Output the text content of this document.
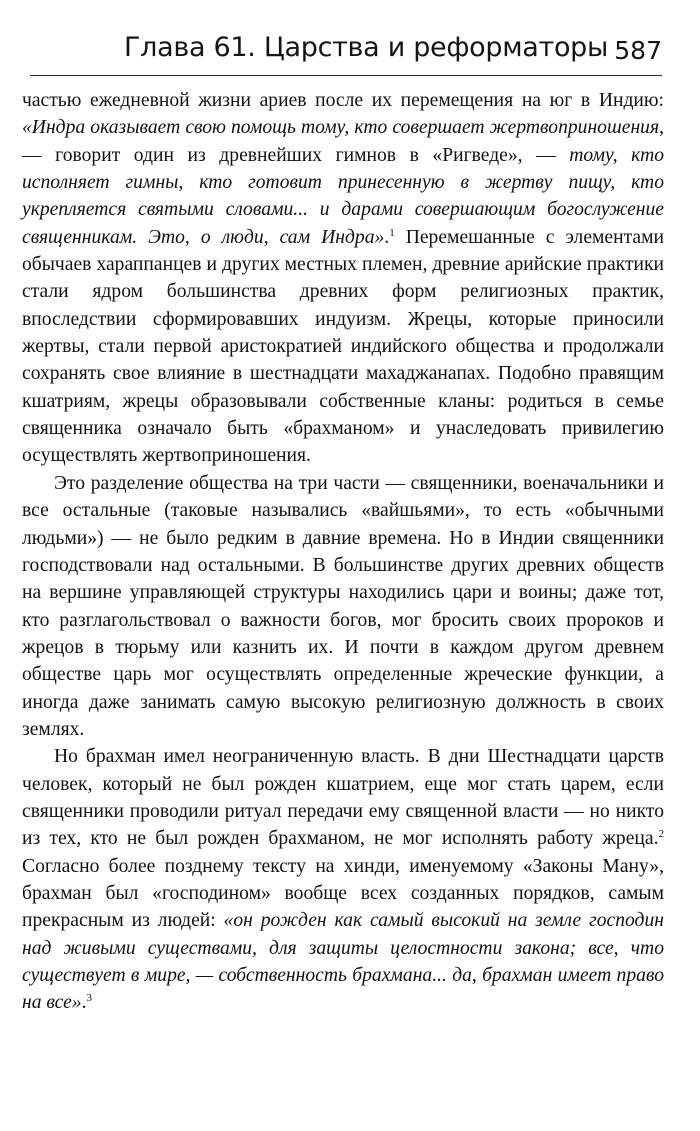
Глава 61. Царства и реформаторы 587

частью ежедневной жизни ариев после их перемещения на юг в Индию: «Индра оказывает свою помощь тому, кто совершает жертвоприношения, — говорит один из древнейших гимнов в «Ригведе», — тому, кто исполняет гимны, кто готовит принесенную в жертву пищу, кто укрепляется святыми словами... и дарами совершающим богослужение священникам. Это, о люди, сам Индра».$^1$ Перемешанные с элементами обычаев хараппанцев и других местных племен, древние арийские практики стали ядром большинства древних форм религиозных практик, впоследствии сформировавших индуизм. Жрецы, которые приносили жертвы, стали первой аристократией индийского общества и продолжали сохранять свое влияние в шестнадцати махаджанапах. Подобно правящим кшатриям, жрецы образовывали собственные кланы: родиться в семье священника означало быть «брахманом» и унаследовать привилегию осуществлять жертвоприношения.

Это разделение общества на три части — священники, военачальники и все остальные (таковые назывались «вайшьями», то есть «обычными людьми») — не было редким в давние времена. Но в Индии священники господствовали над остальными. В большинстве других древних обществ на вершине управляющей структуры находились цари и воины; даже тот, кто разглагольствовал о важности богов, мог бросить своих пророков и жрецов в тюрьму или казнить их. И почти в каждом другом древнем обществе царь мог осуществлять определенные жреческие функции, а иногда даже занимать самую высокую религиозную должность в своих землях.

Но брахман имел неограниченную власть. В дни Шестнадцати царств человек, который не был рожден кшатрием, еще мог стать царем, если священники проводили ритуал передачи ему священной власти — но никто из тех, кто не был рожден брахманом, не мог исполнять работу жреца.$^2$ Согласно более позднему тексту на хинди, именуемому «Законы Ману», брахман был «господином» вообще всех созданных порядков, самым прекрасным из людей: «он рожден как самый высокий на земле господин над живыми существами, для защиты целостности закона; все, что существует в мире, — собственность брахмана... да, брахман имеет право на все».$^3$
